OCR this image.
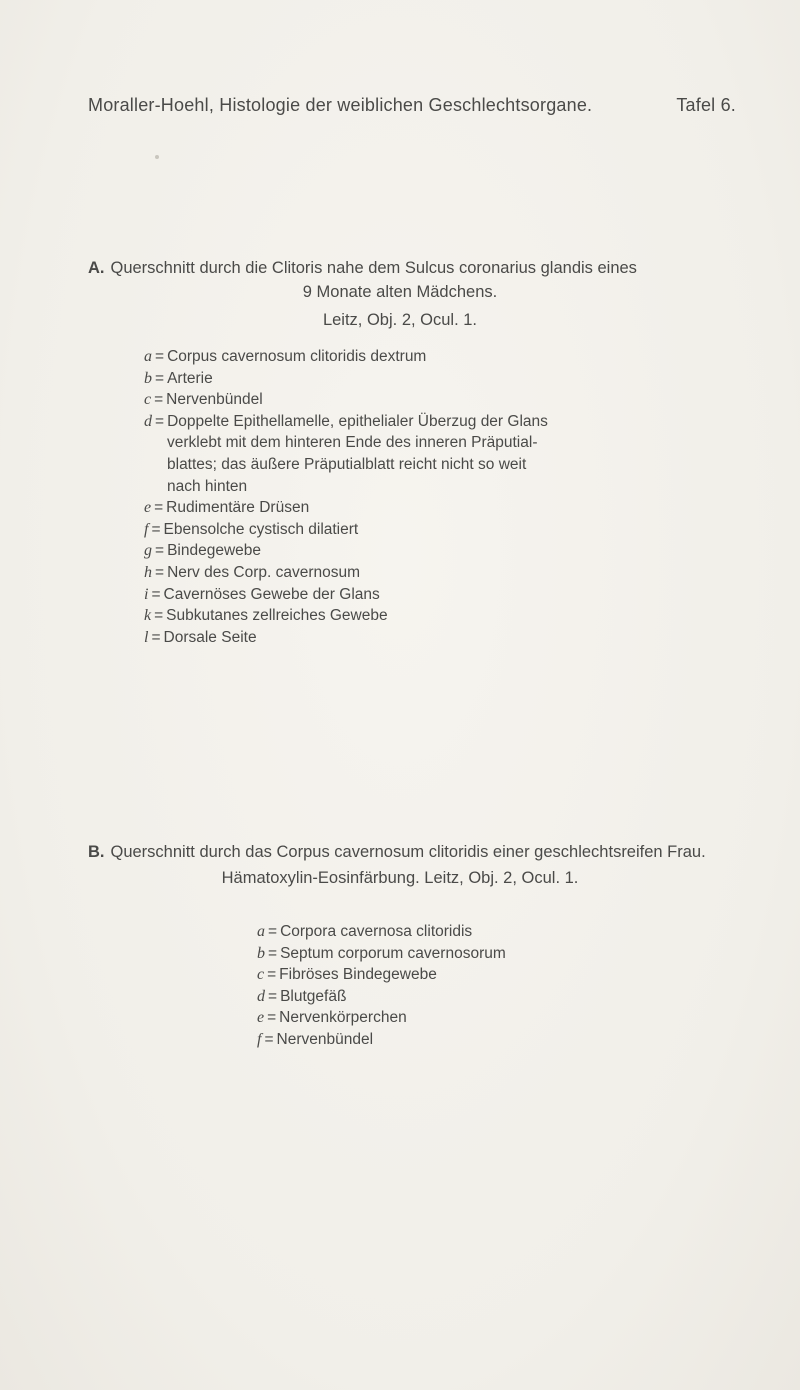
Moraller-Hoehl, Histologie der weiblichen Geschlechtsorgane.	Tafel 6.
A. Querschnitt durch die Clitoris nahe dem Sulcus coronarius glandis eines
9 Monate alten Mädchens.
Leitz, Obj. 2, Ocul. 1.
a = Corpus cavernosum clitoridis dextrum
b = Arterie
c = Nervenbündel
d = Doppelte Epithellamelle, epithelialer Überzug der Glans
verklebt mit dem hinteren Ende des inneren Präputial-
blattes; das äußere Präputialblatt reicht nicht so weit
nach hinten
e = Rudimentäre Drüsen
f = Ebensolche cystisch dilatiert
g = Bindegewebe
h = Nerv des Corp. cavernosum
i = Cavernöses Gewebe der Glans
k = Subkutanes zellreiches Gewebe
l = Dorsale Seite
B. Querschnitt durch das Corpus cavernosum clitoridis einer geschlechtsreifen Frau.
Hämatoxylin-Eosinfärbung. Leitz, Obj. 2, Ocul. 1.
a = Corpora cavernosa clitoridis
b = Septum corporum cavernosorum
c = Fibröses Bindegewebe
d = Blutgefäß
e = Nervenkörperchen
f = Nervenbündel
